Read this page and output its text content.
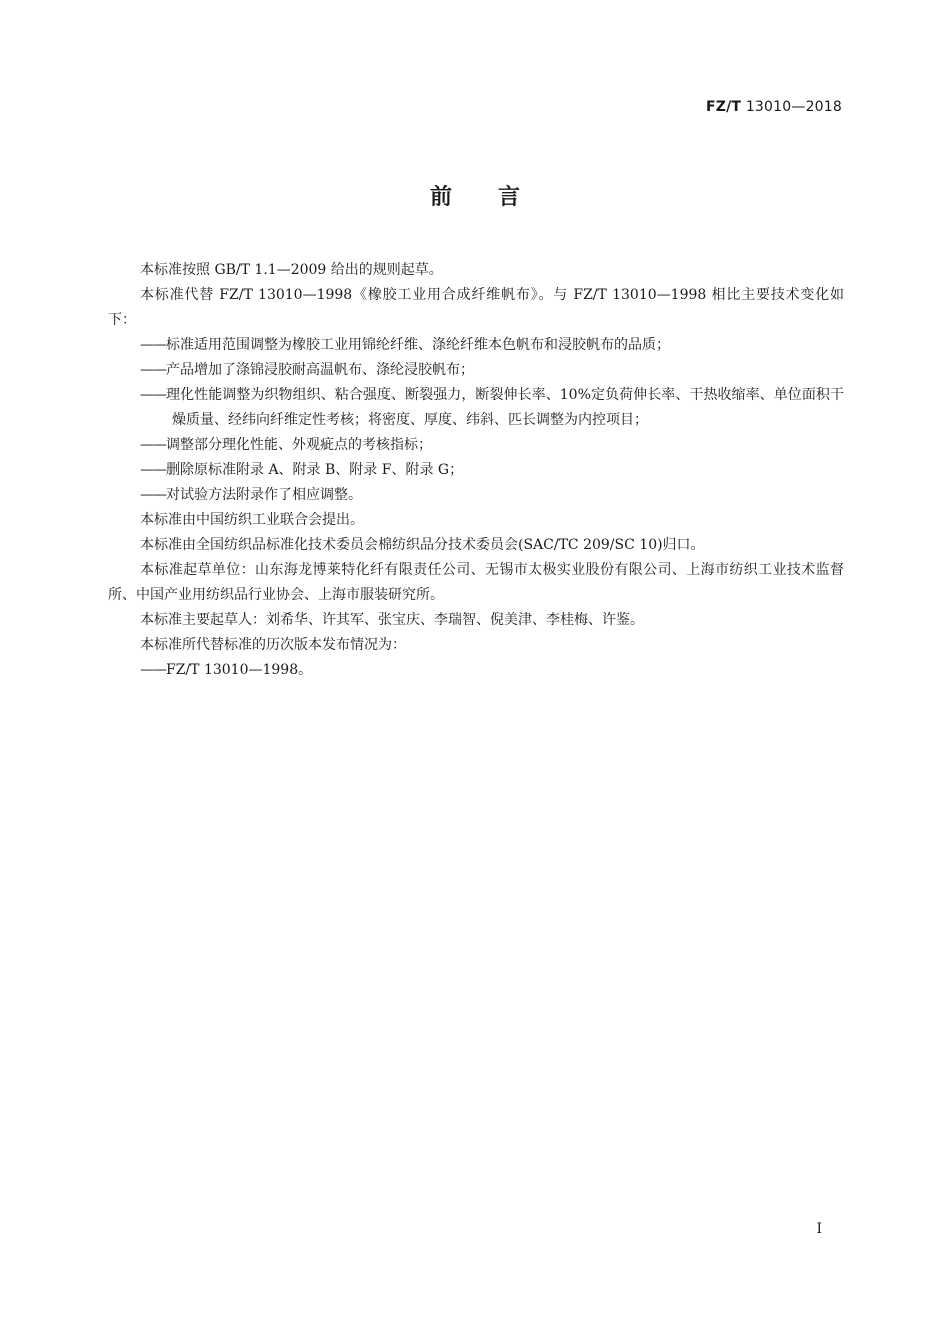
FZ/T 13010—2018
前言

本标准按照 GB/T 1.1—2009 给出的规则起草。

本标准代替 FZ/T 13010—1998《橡胶工业用合成纤维帆布》。与 FZ/T 13010—1998 相比主要技术变化如下：

——标准适用范围调整为橡胶工业用锦纶纤维、涤纶纤维本色帆布和浸胶帆布的品质；

——产品增加了涤锦浸胶耐高温帆布、涤纶浸胶帆布；

——理化性能调整为织物组织、粘合强度、断裂强力，断裂伸长率、10%定负荷伸长率、干热收缩率、单位面积干燥质量、经纬向纤维定性考核；将密度、厚度、纬斜、匹长调整为内控项目；

——调整部分理化性能、外观疵点的考核指标；

——删除原标准附录 A、附录 B、附录 F、附录 G；

——对试验方法附录作了相应调整。

本标准由中国纺织工业联合会提出。

本标准由全国纺织品标准化技术委员会棉纺织品分技术委员会(SAC/TC 209/SC 10)归口。

本标准起草单位：山东海龙博莱特化纤有限责任公司、无锡市太极实业股份有限公司、上海市纺织工业技术监督所、中国产业用纺织品行业协会、上海市服装研究所。

本标准主要起草人：刘希华、许其军、张宝庆、李瑞智、倪美津、李桂梅、许鉴。

本标准所代替标准的历次版本发布情况为：

——FZ/T 13010—1998。

I
